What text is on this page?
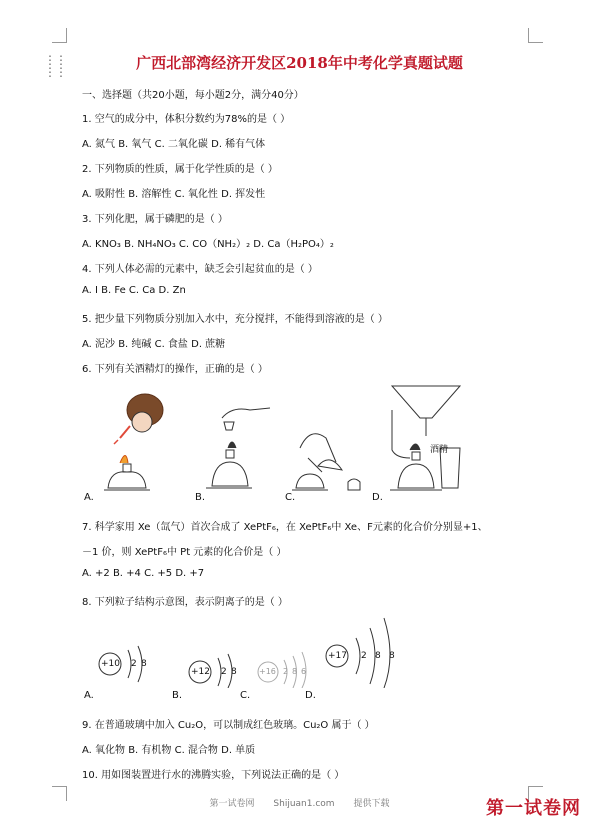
⋮⋮
⋮⋮	广西北部湾经济开发区2018年中考化学真题试题
一、选择题（共20小题，每小题2分，满分40分）
1. 空气的成分中，体积分数约为78%的是（ ）
A. 氮气 B. 氧气 C. 二氧化碳 D. 稀有气体
2. 下列物质的性质，属于化学性质的是（ ）
A. 吸附性 B. 溶解性 C. 氧化性 D. 挥发性
3. 下列化肥，属于磷肥的是（ ）
A. KNO₃ B. NH₄NO₃ C. CO（NH₂）₂ D. Ca（H₂PO₄）₂
4. 下列人体必需的元素中，缺乏会引起贫血的是（ ）
A. I B. Fe C. Ca D. Zn
5. 把少量下列物质分别加入水中，充分搅拌，不能得到溶液的是（ ）
A. 泥沙 B. 纯碱 C. 食盐 D. 蔗糖
6. 下列有关酒精灯的操作，正确的是（ ）
A.	B.	C.	D.
酒精
7. 科学家用 Xe（氙气）首次合成了 XePtF₆，在 XePtF₆中 Xe、F元素的化合价分别显+1、
－1 价，则 XePtF₆中 Pt 元素的化合价是（ ）
A. +2 B. +4 C. +5 D. +7
8. 下列粒子结构示意图，表示阴离子的是（ ）
+10 2 8
+12 2 8	+16 2 8 6
+17 2 8 8
A.	B.	C.	D.
9. 在普通玻璃中加入 Cu₂O，可以制成红色玻璃。Cu₂O 属于（ ）
A. 氧化物 B. 有机物 C. 混合物 D. 单质
10. 用如图装置进行水的沸腾实验，下列说法正确的是（ ）
第一试卷网 Shijuan1.com 提供下载	第一试卷网
